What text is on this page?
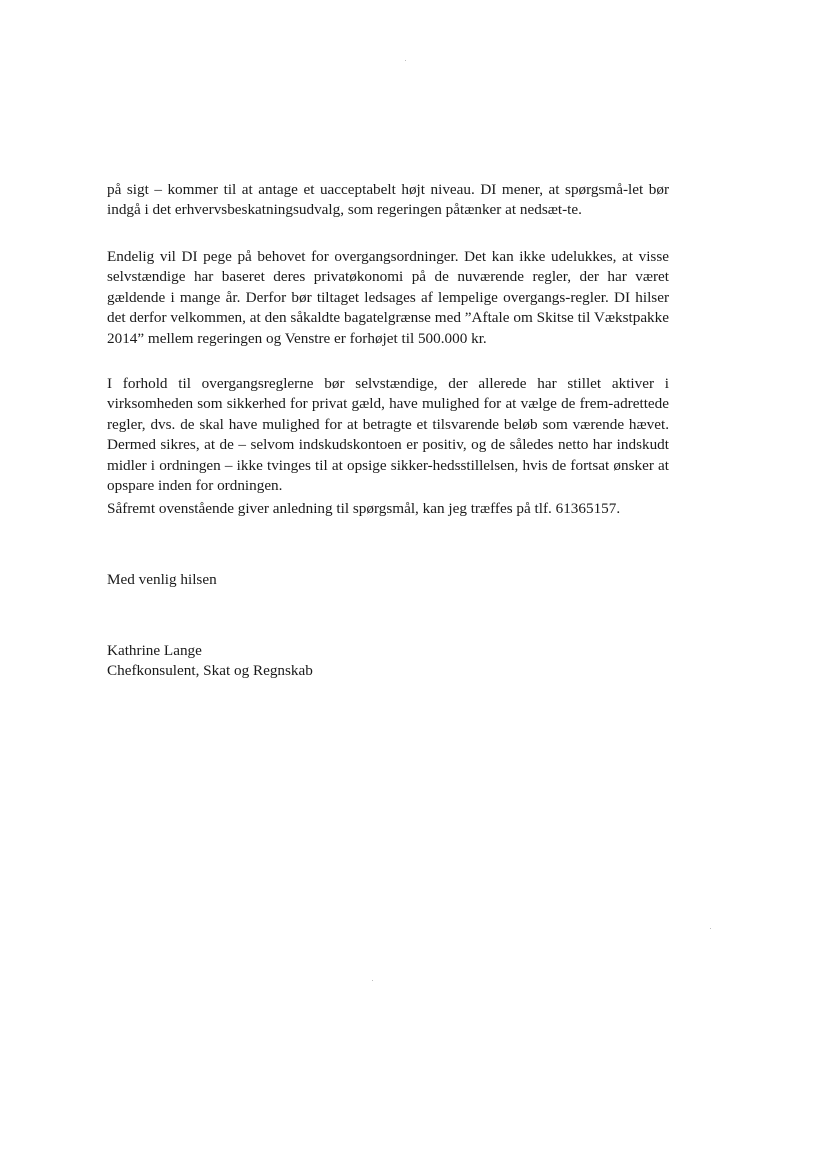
på sigt – kommer til at antage et uacceptabelt højt niveau. DI mener, at spørgsmå-let bør indgå i det erhvervsbeskatningsudvalg, som regeringen påtænker at nedsæt-te.

Endelig vil DI pege på behovet for overgangsordninger. Det kan ikke udelukkes, at visse selvstændige har baseret deres privatøkonomi på de nuværende regler, der har været gældende i mange år. Derfor bør tiltaget ledsages af lempelige overgangs-regler. DI hilser det derfor velkommen, at den såkaldte bagatelgrænse med ”Aftale om Skitse til Vækstpakke 2014” mellem regeringen og Venstre er forhøjet til 500.000 kr.

I forhold til overgangsreglerne bør selvstændige, der allerede har stillet aktiver i virksomheden som sikkerhed for privat gæld, have mulighed for at vælge de frem-adrettede regler, dvs. de skal have mulighed for at betragte et tilsvarende beløb som værende hævet. Dermed sikres, at de – selvom indskudskontoen er positiv, og de således netto har indskudt midler i ordningen – ikke tvinges til at opsige sikker-hedsstillelsen, hvis de fortsat ønsker at opspare inden for ordningen.

Såfremt ovenstående giver anledning til spørgsmål, kan jeg træffes på tlf. 61365157.

Med venlig hilsen
Kathrine Lange
Chefkonsulent, Skat og Regnskab
